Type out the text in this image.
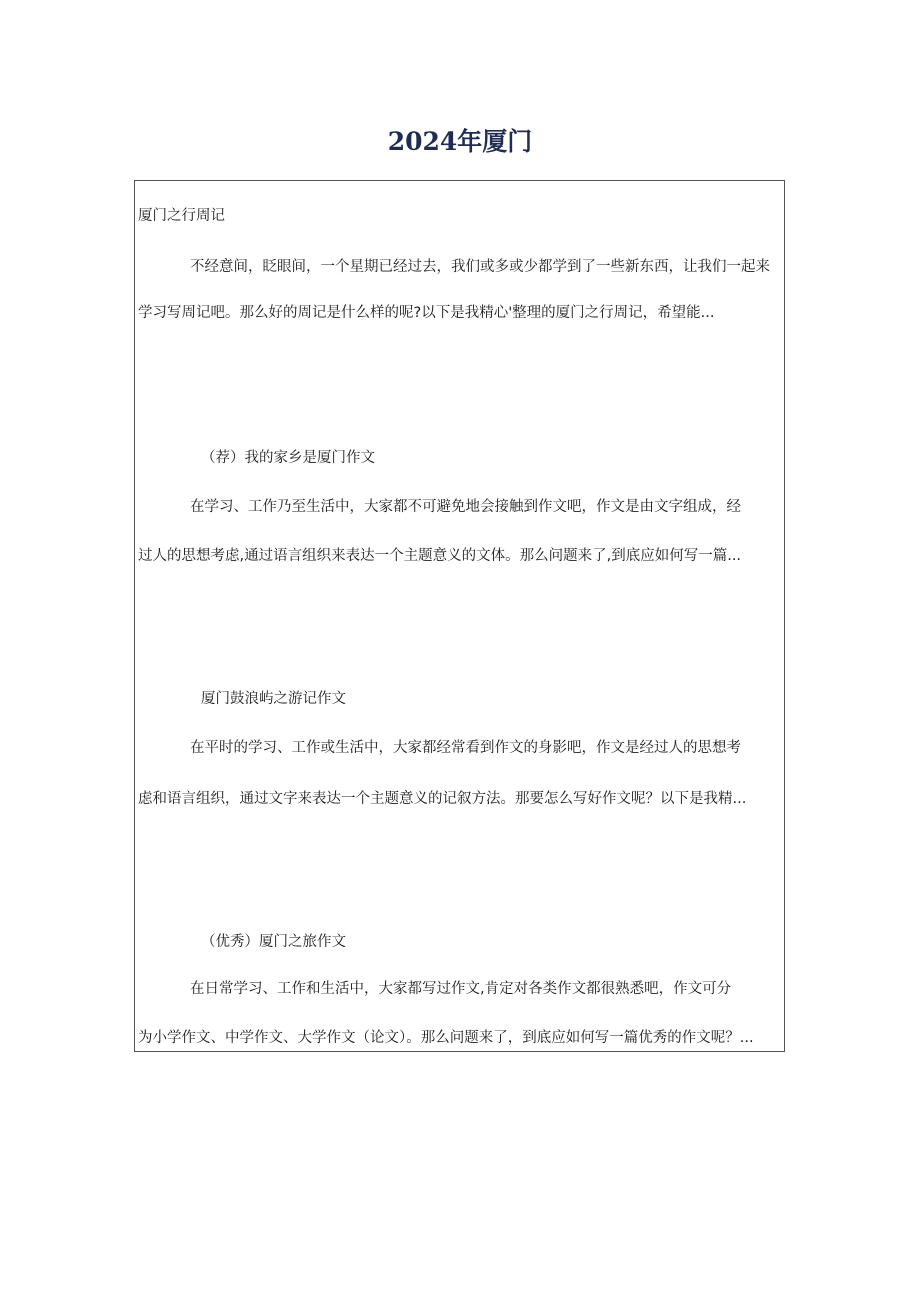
2024年厦门
厦门之行周记
不经意间，眨眼间，一个星期已经过去，我们或多或少都学到了一些新东西，让我们一起来
学习写周记吧。那么好的周记是什么样的呢?以下是我精心'整理的厦门之行周记，希望能...
（荐）我的家乡是厦门作文
在学习、工作乃至生活中，大家都不可避免地会接触到作文吧，作文是由文字组成，经
过人的思想考虑,通过语言组织来表达一个主题意义的文体。那么问题来了,到底应如何写一篇...
厦门鼓浪屿之游记作文
在平时的学习、工作或生活中，大家都经常看到作文的身影吧，作文是经过人的思想考
虑和语言组织，通过文字来表达一个主题意义的记叙方法。那要怎么写好作文呢？以下是我精...
（优秀）厦门之旅作文
在日常学习、工作和生活中，大家都写过作文,肯定对各类作文都很熟悉吧，作文可分
为小学作文、中学作文、大学作文（论文）。那么问题来了，到底应如何写一篇优秀的作文呢？...
